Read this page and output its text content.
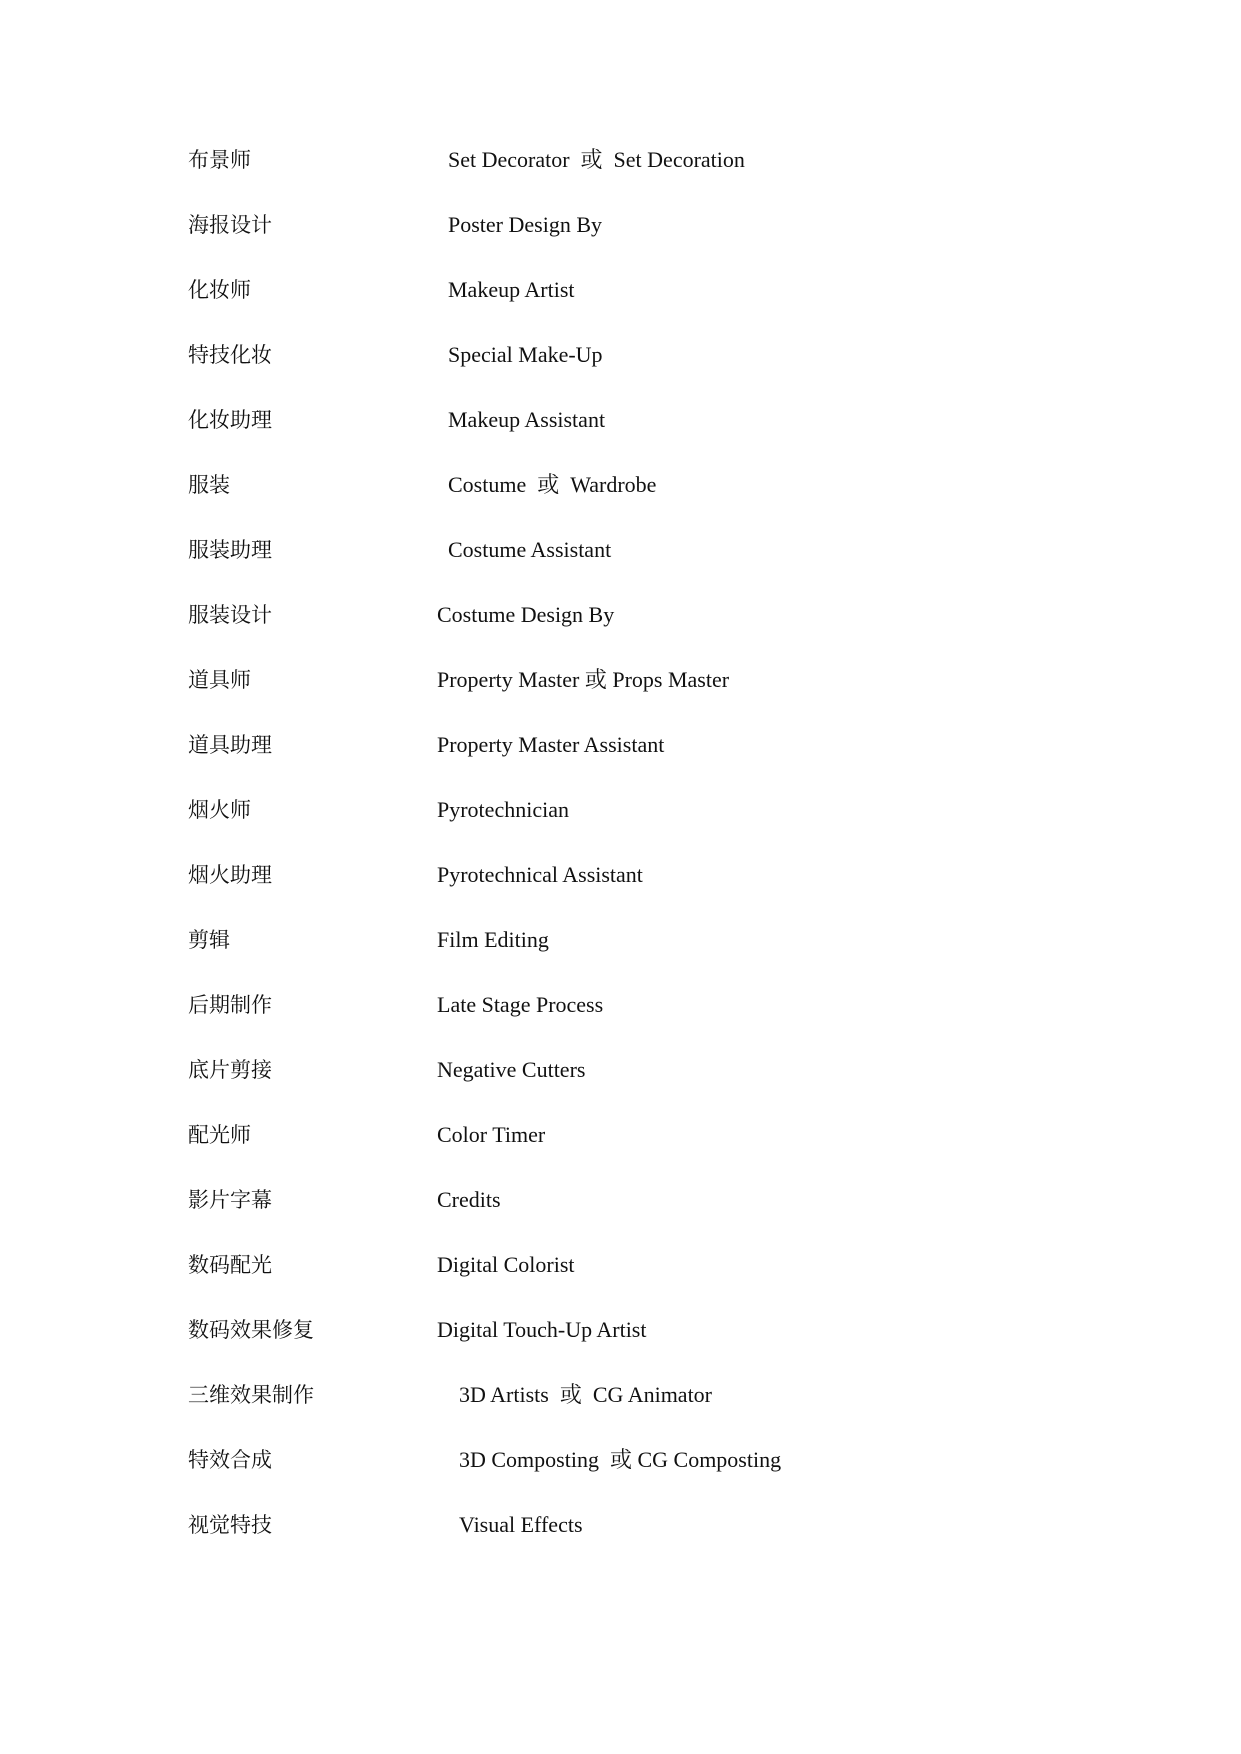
布景师	Set Decorator  或  Set Decoration
海报设计	Poster Design By
化妆师	Makeup Artist
特技化妆	Special Make-Up
化妆助理	Makeup Assistant
服装	Costume  或  Wardrobe
服装助理	Costume Assistant
服装设计	Costume Design By
道具师	Property Master 或 Props Master
道具助理	Property Master Assistant
烟火师	Pyrotechnician
烟火助理	Pyrotechnical Assistant
剪辑	Film Editing
后期制作	Late Stage Process
底片剪接	Negative Cutters
配光师	Color Timer
影片字幕	Credits
数码配光	Digital Colorist
数码效果修复	Digital Touch-Up Artist
三维效果制作	3D Artists  或  CG Animator
特效合成	3D Composting  或 CG Composting
视觉特技	Visual Effects
